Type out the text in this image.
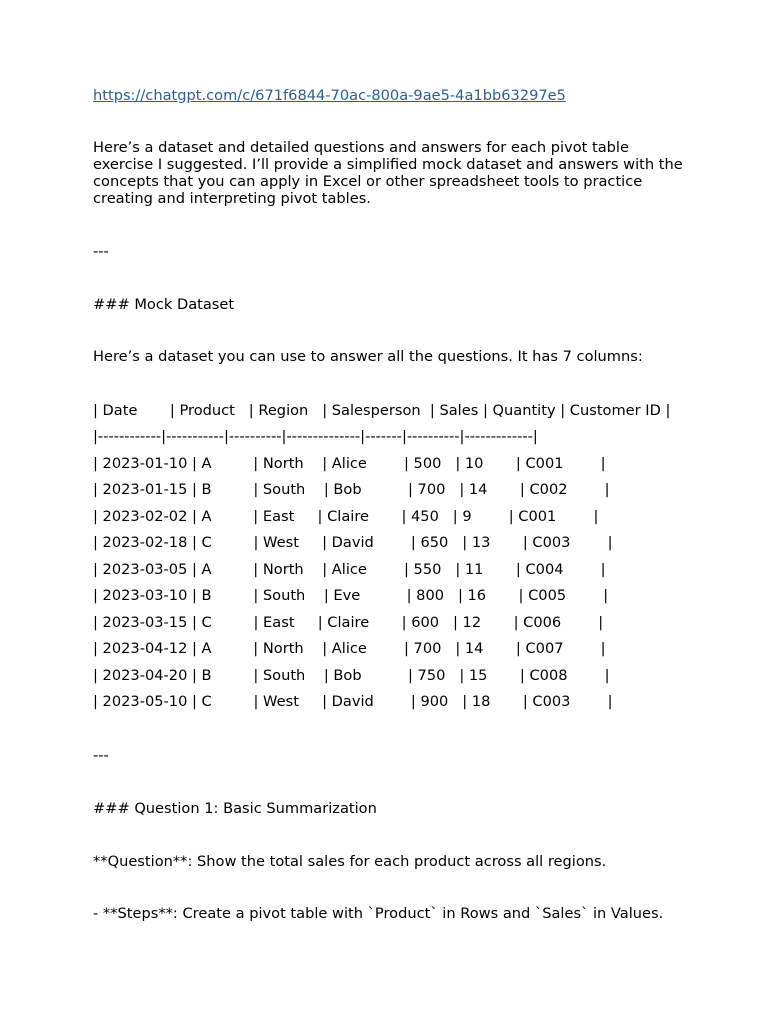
https://chatgpt.com/c/671f6844-70ac-800a-9ae5-4a1bb63297e5
Here’s a dataset and detailed questions and answers for each pivot table
exercise I suggested. I’ll provide a simplified mock dataset and answers with the
concepts that you can apply in Excel or other spreadsheet tools to practice
creating and interpreting pivot tables.
---
### Mock Dataset
Here’s a dataset you can use to answer all the questions. It has 7 columns:
| Date       | Product   | Region   | Salesperson  | Sales | Quantity | Customer ID |
|------------|-----------|----------|--------------|-------|----------|-------------|
| 2023-01-10 | A         | North    | Alice        | 500   | 10       | C001        |
| 2023-01-15 | B         | South    | Bob          | 700   | 14       | C002        |
| 2023-02-02 | A         | East     | Claire       | 450   | 9        | C001        |
| 2023-02-18 | C         | West     | David        | 650   | 13       | C003        |
| 2023-03-05 | A         | North    | Alice        | 550   | 11       | C004        |
| 2023-03-10 | B         | South    | Eve          | 800   | 16       | C005        |
| 2023-03-15 | C         | East     | Claire       | 600   | 12       | C006        |
| 2023-04-12 | A         | North    | Alice        | 700   | 14       | C007        |
| 2023-04-20 | B         | South    | Bob          | 750   | 15       | C008        |
| 2023-05-10 | C         | West     | David        | 900   | 18       | C003        |
---
### Question 1: Basic Summarization
**Question**: Show the total sales for each product across all regions.
- **Steps**: Create a pivot table with `Product` in Rows and `Sales` in Values.
